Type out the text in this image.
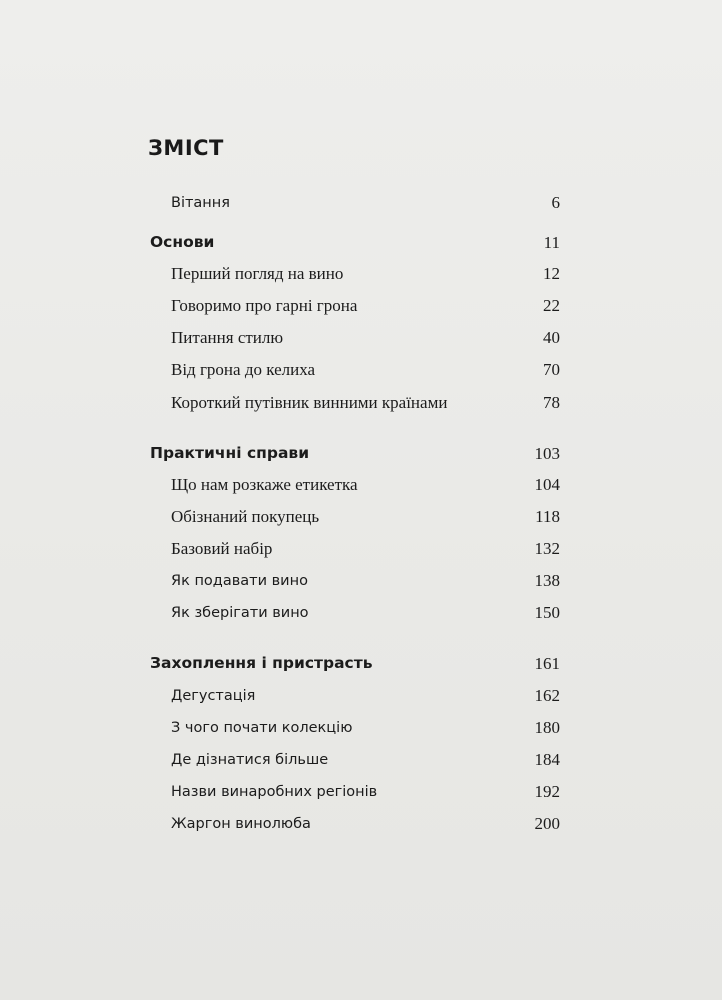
ЗМІСТ
Вітання	6
Основи	11
Перший погляд на вино	12
Говоримо про гарні грона	22
Питання стилю	40
Від грона до келиха	70
Короткий путівник винними країнами	78
Практичні справи	103
Що нам розкаже етикетка	104
Обізнаний покупець	118
Базовий набір	132
Як подавати вино	138
Як зберігати вино	150
Захоплення і пристрасть	161
Дегустація	162
З чого почати колекцію	180
Де дізнатися більше	184
Назви винаробних регіонів	192
Жаргон винолюба	200
